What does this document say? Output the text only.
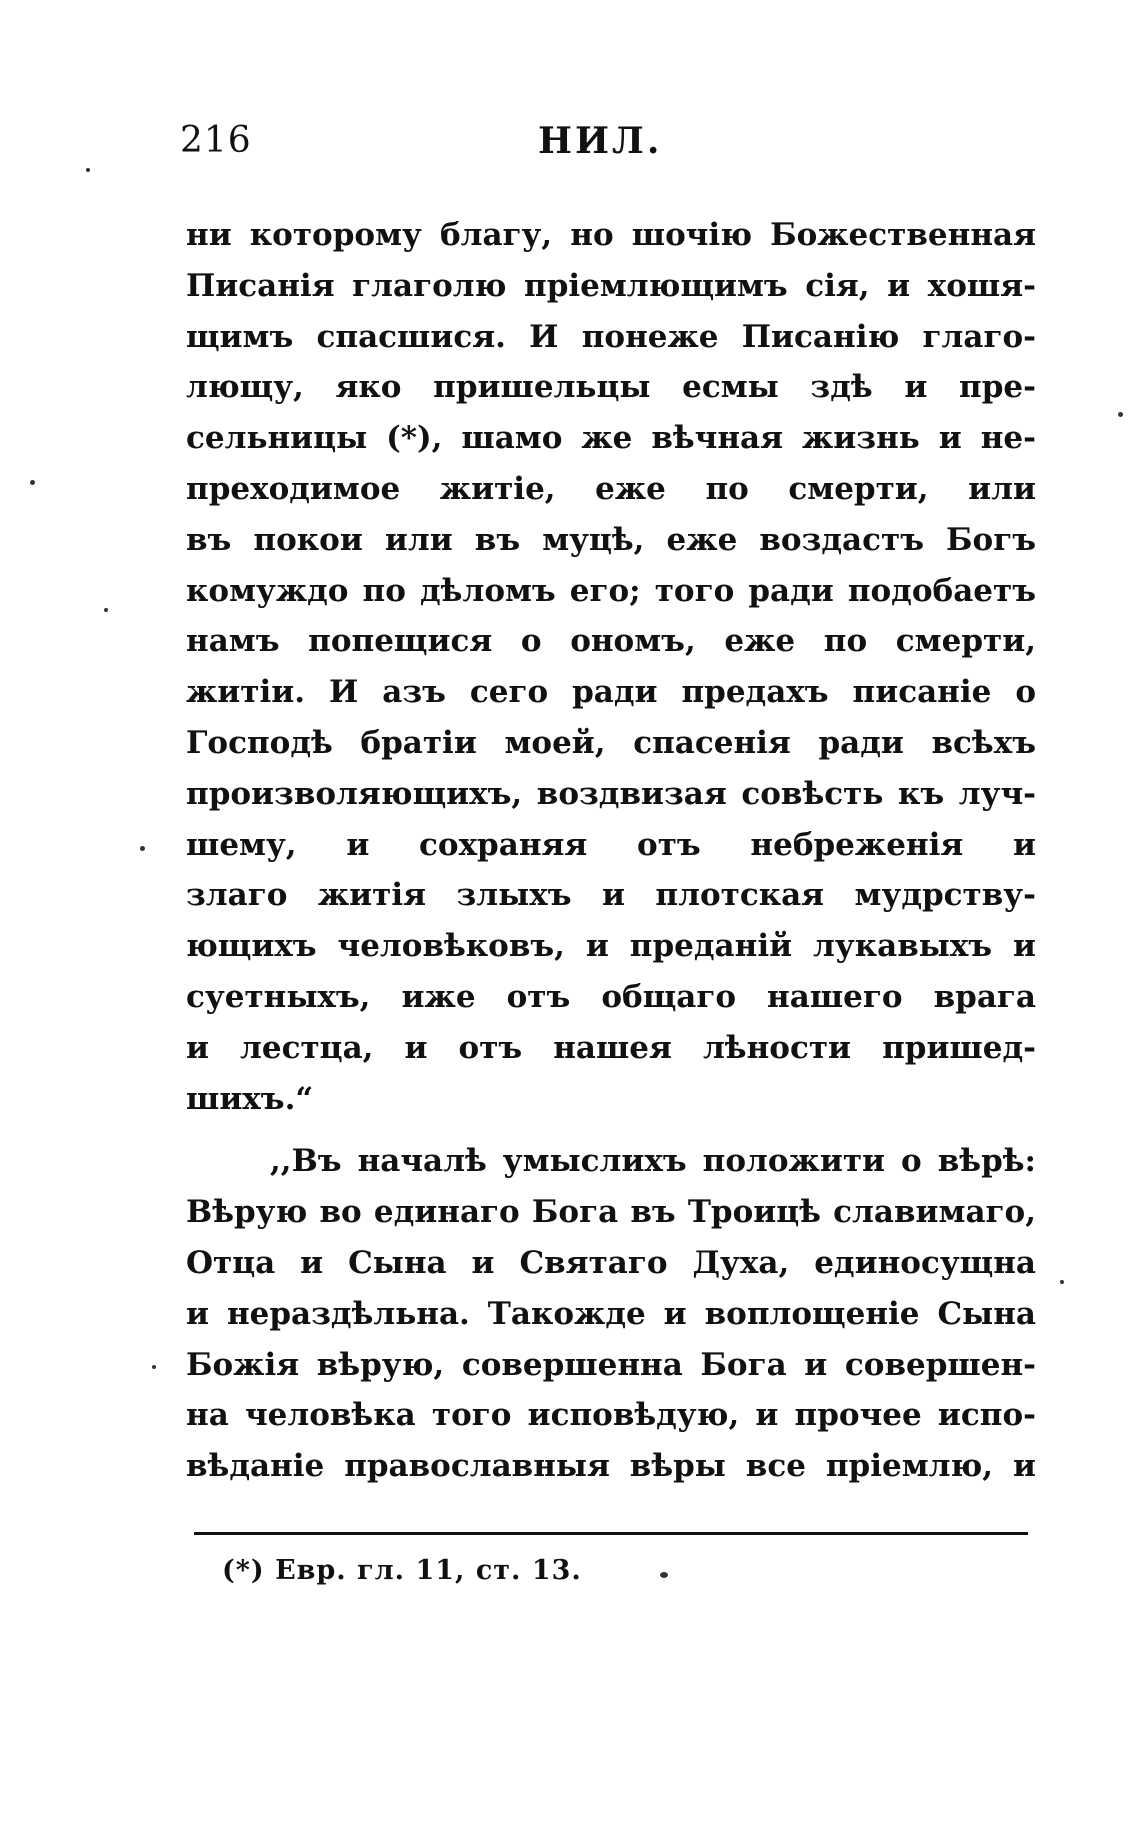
216	НИЛ.
ни которому благу, но шочію Божественная
Писанія глаголю пріемлющимъ сія, и хошя-
щимъ спасшися. И понеже Писанію глаго-
лющу, яко пришельцы есмы здѣ и пре-
сельницы (*), шамо же вѣчная жизнь и не-
преходимое житіе, еже по смерти, или
въ покои или въ муцѣ, еже воздастъ Богъ
комуждо по дѣломъ его; того ради подобаетъ
намъ попещися о ономъ, еже по смерти,
житіи. И азъ сего ради предахъ писаніе о
Господѣ братіи моей, спасенія ради всѣхъ
произволяющихъ, воздвизая совѣсть къ луч-
шему, и сохраняя отъ небреженія и
злаго житія злыхъ и плотская мудрству-
ющихъ человѣковъ, и преданій лукавыхъ и
суетныхъ, иже отъ общаго нашего врага
и лестца, и отъ нашея лѣности пришед-
шихъ.“
,,Въ началѣ умыслихъ положити о вѣрѣ:
Вѣрую во единаго Бога въ Троицѣ славимаго,
Отца и Сына и Святаго Духа, единосущна
и нераздѣльна. Такожде и воплощеніе Сына
Божія вѣрую, совершенна Бога и совершен-
на человѣка того исповѣдую, и прочее испо-
вѣданіе православныя вѣры все пріемлю, и
(*) Евр. гл. 11, ст. 13.
